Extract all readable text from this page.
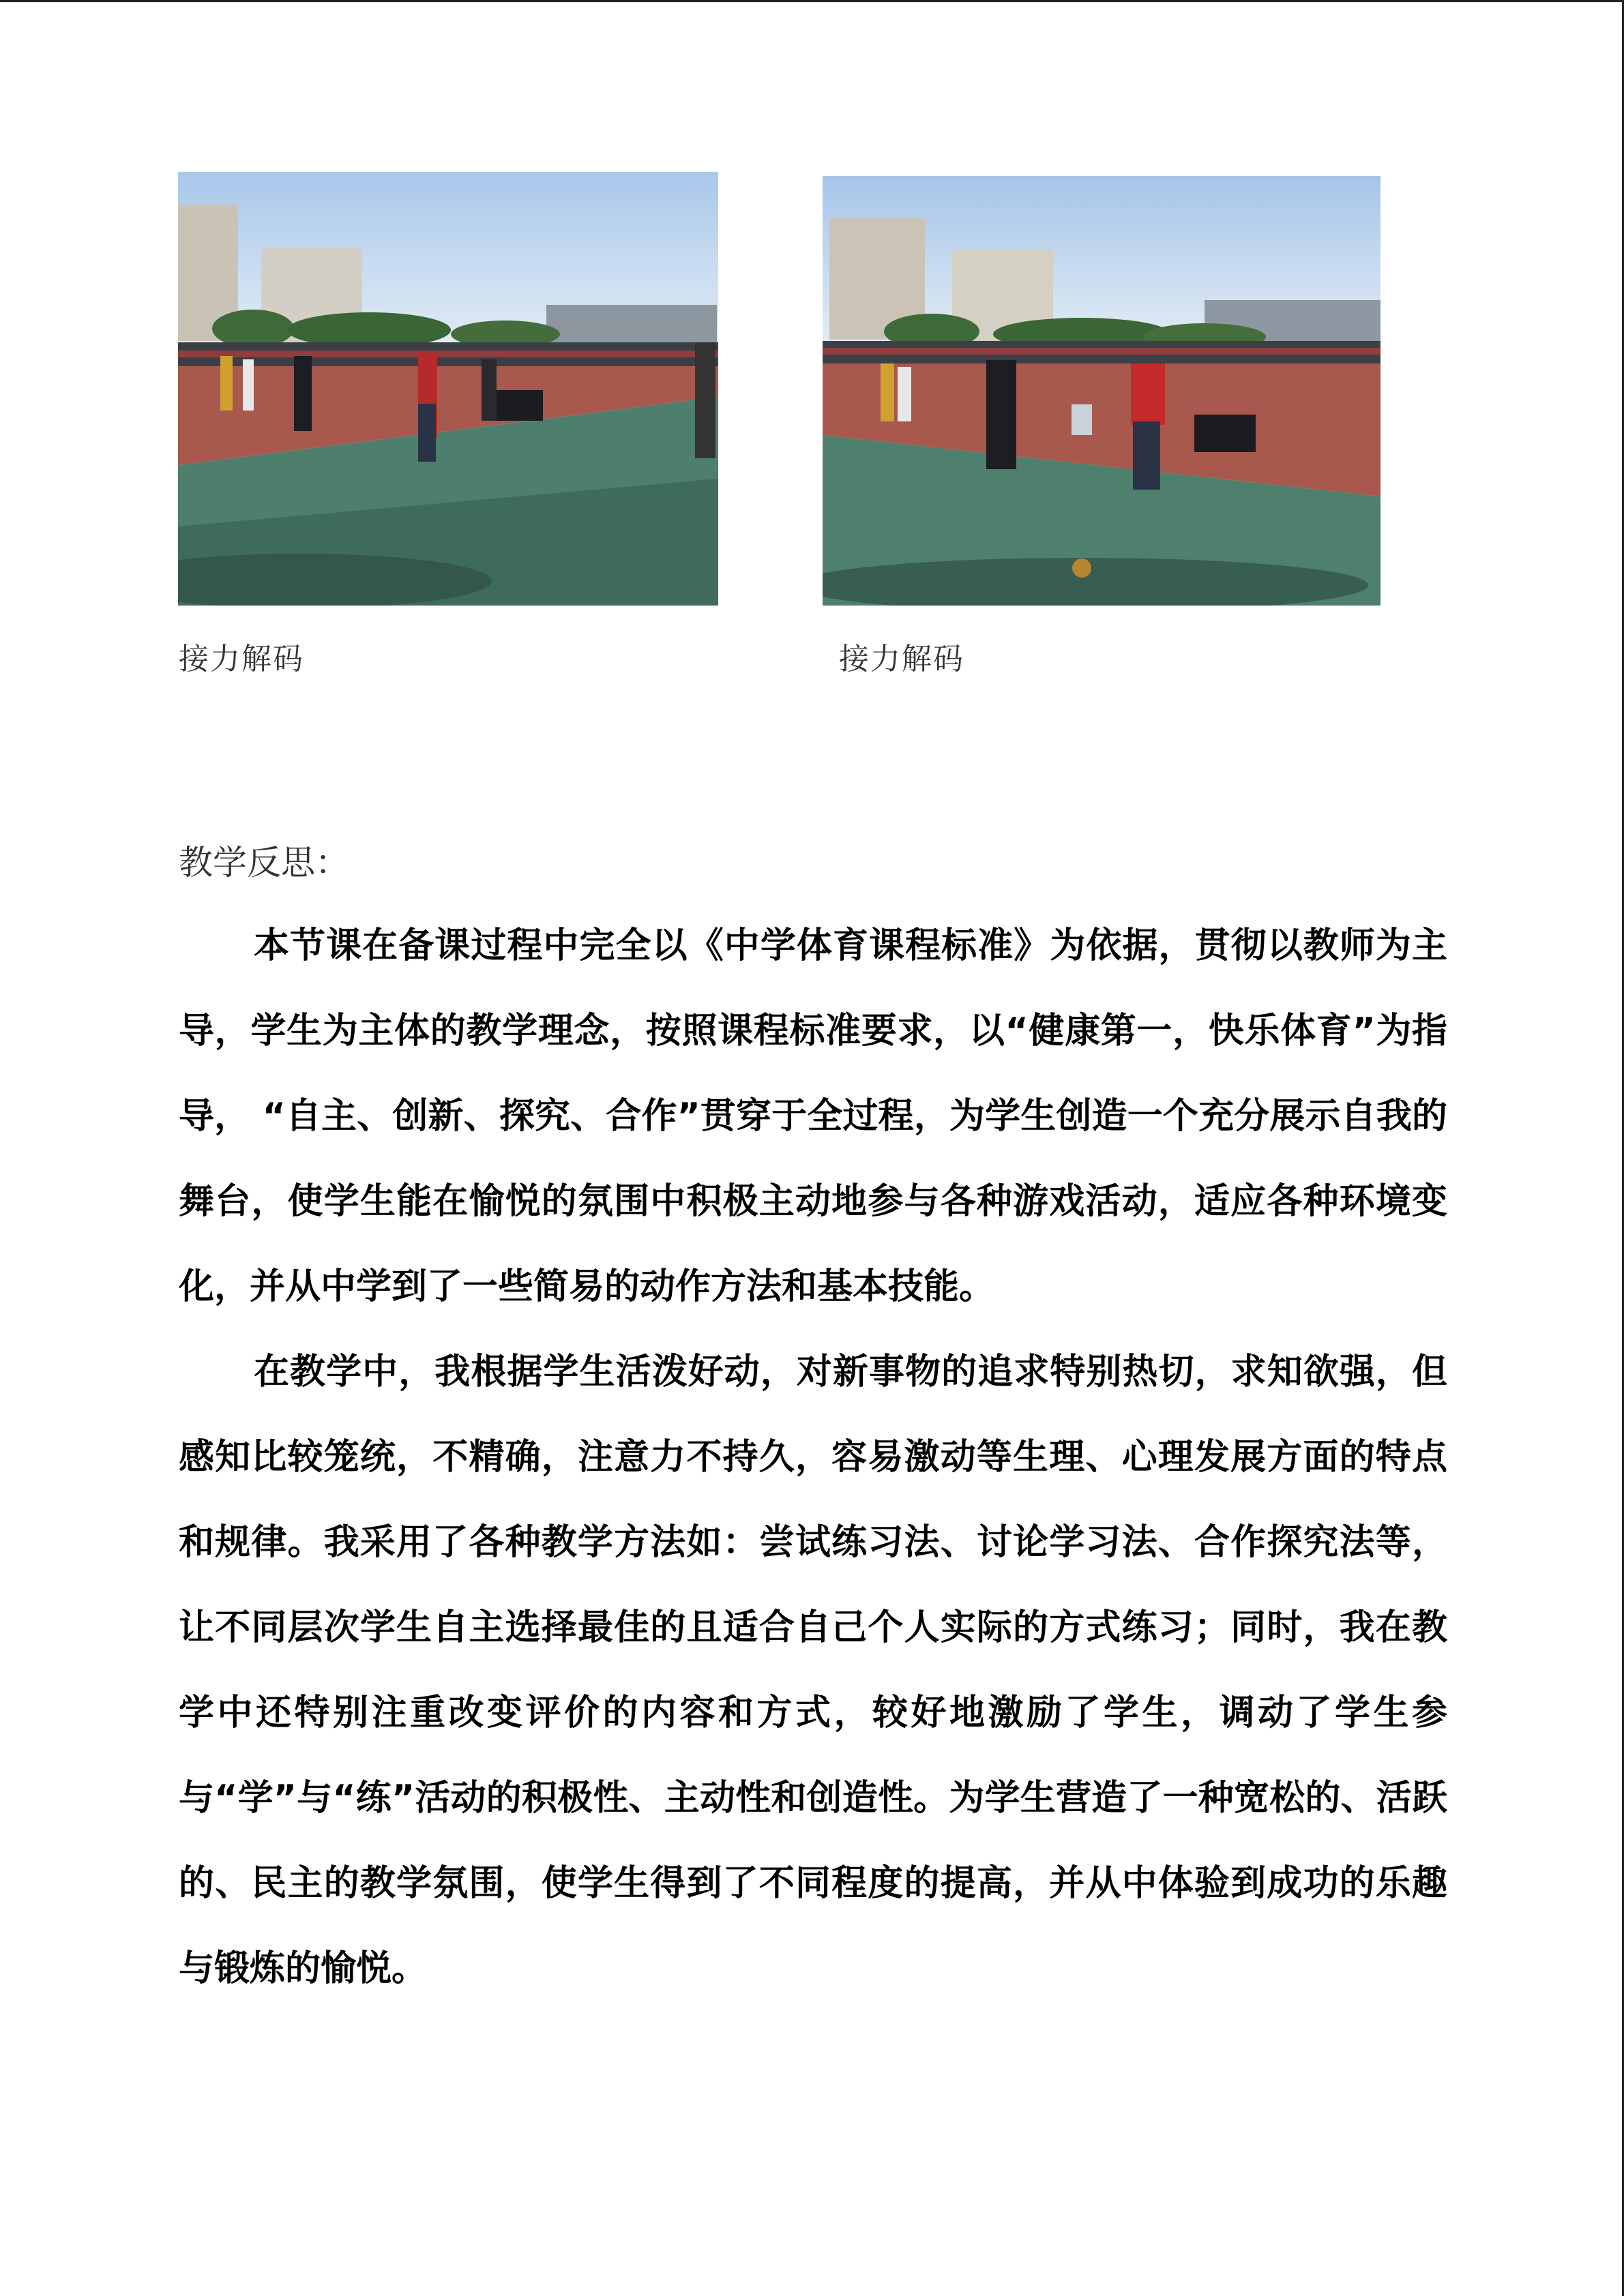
接力解码	接力解码
教学反思：

本节课在备课过程中完全以《中学体育课程标准》为依据，贯彻以教师为主导，学生为主体的教学理念，按照课程标准要求，以“健康第一，快乐体育”为指导， “自主、创新、探究、合作”贯穿于全过程，为学生创造一个充分展示自我的舞台，使学生能在愉悦的氛围中积极主动地参与各种游戏活动，适应各种环境变化，并从中学到了一些简易的动作方法和基本技能。

在教学中，我根据学生活泼好动，对新事物的追求特别热切，求知欲强，但感知比较笼统，不精确，注意力不持久，容易激动等生理、心理发展方面的特点和规律。我采用了各种教学方法如：尝试练习法、讨论学习法、合作探究法等，让不同层次学生自主选择最佳的且适合自己个人实际的方式练习；同时，我在教学中还特别注重改变评价的内容和方式，较好地激励了学生，调动了学生参与“学”与“练”活动的积极性、主动性和创造性。为学生营造了一种宽松的、活跃的、民主的教学氛围，使学生得到了不同程度的提高，并从中体验到成功的乐趣与锻炼的愉悦。
